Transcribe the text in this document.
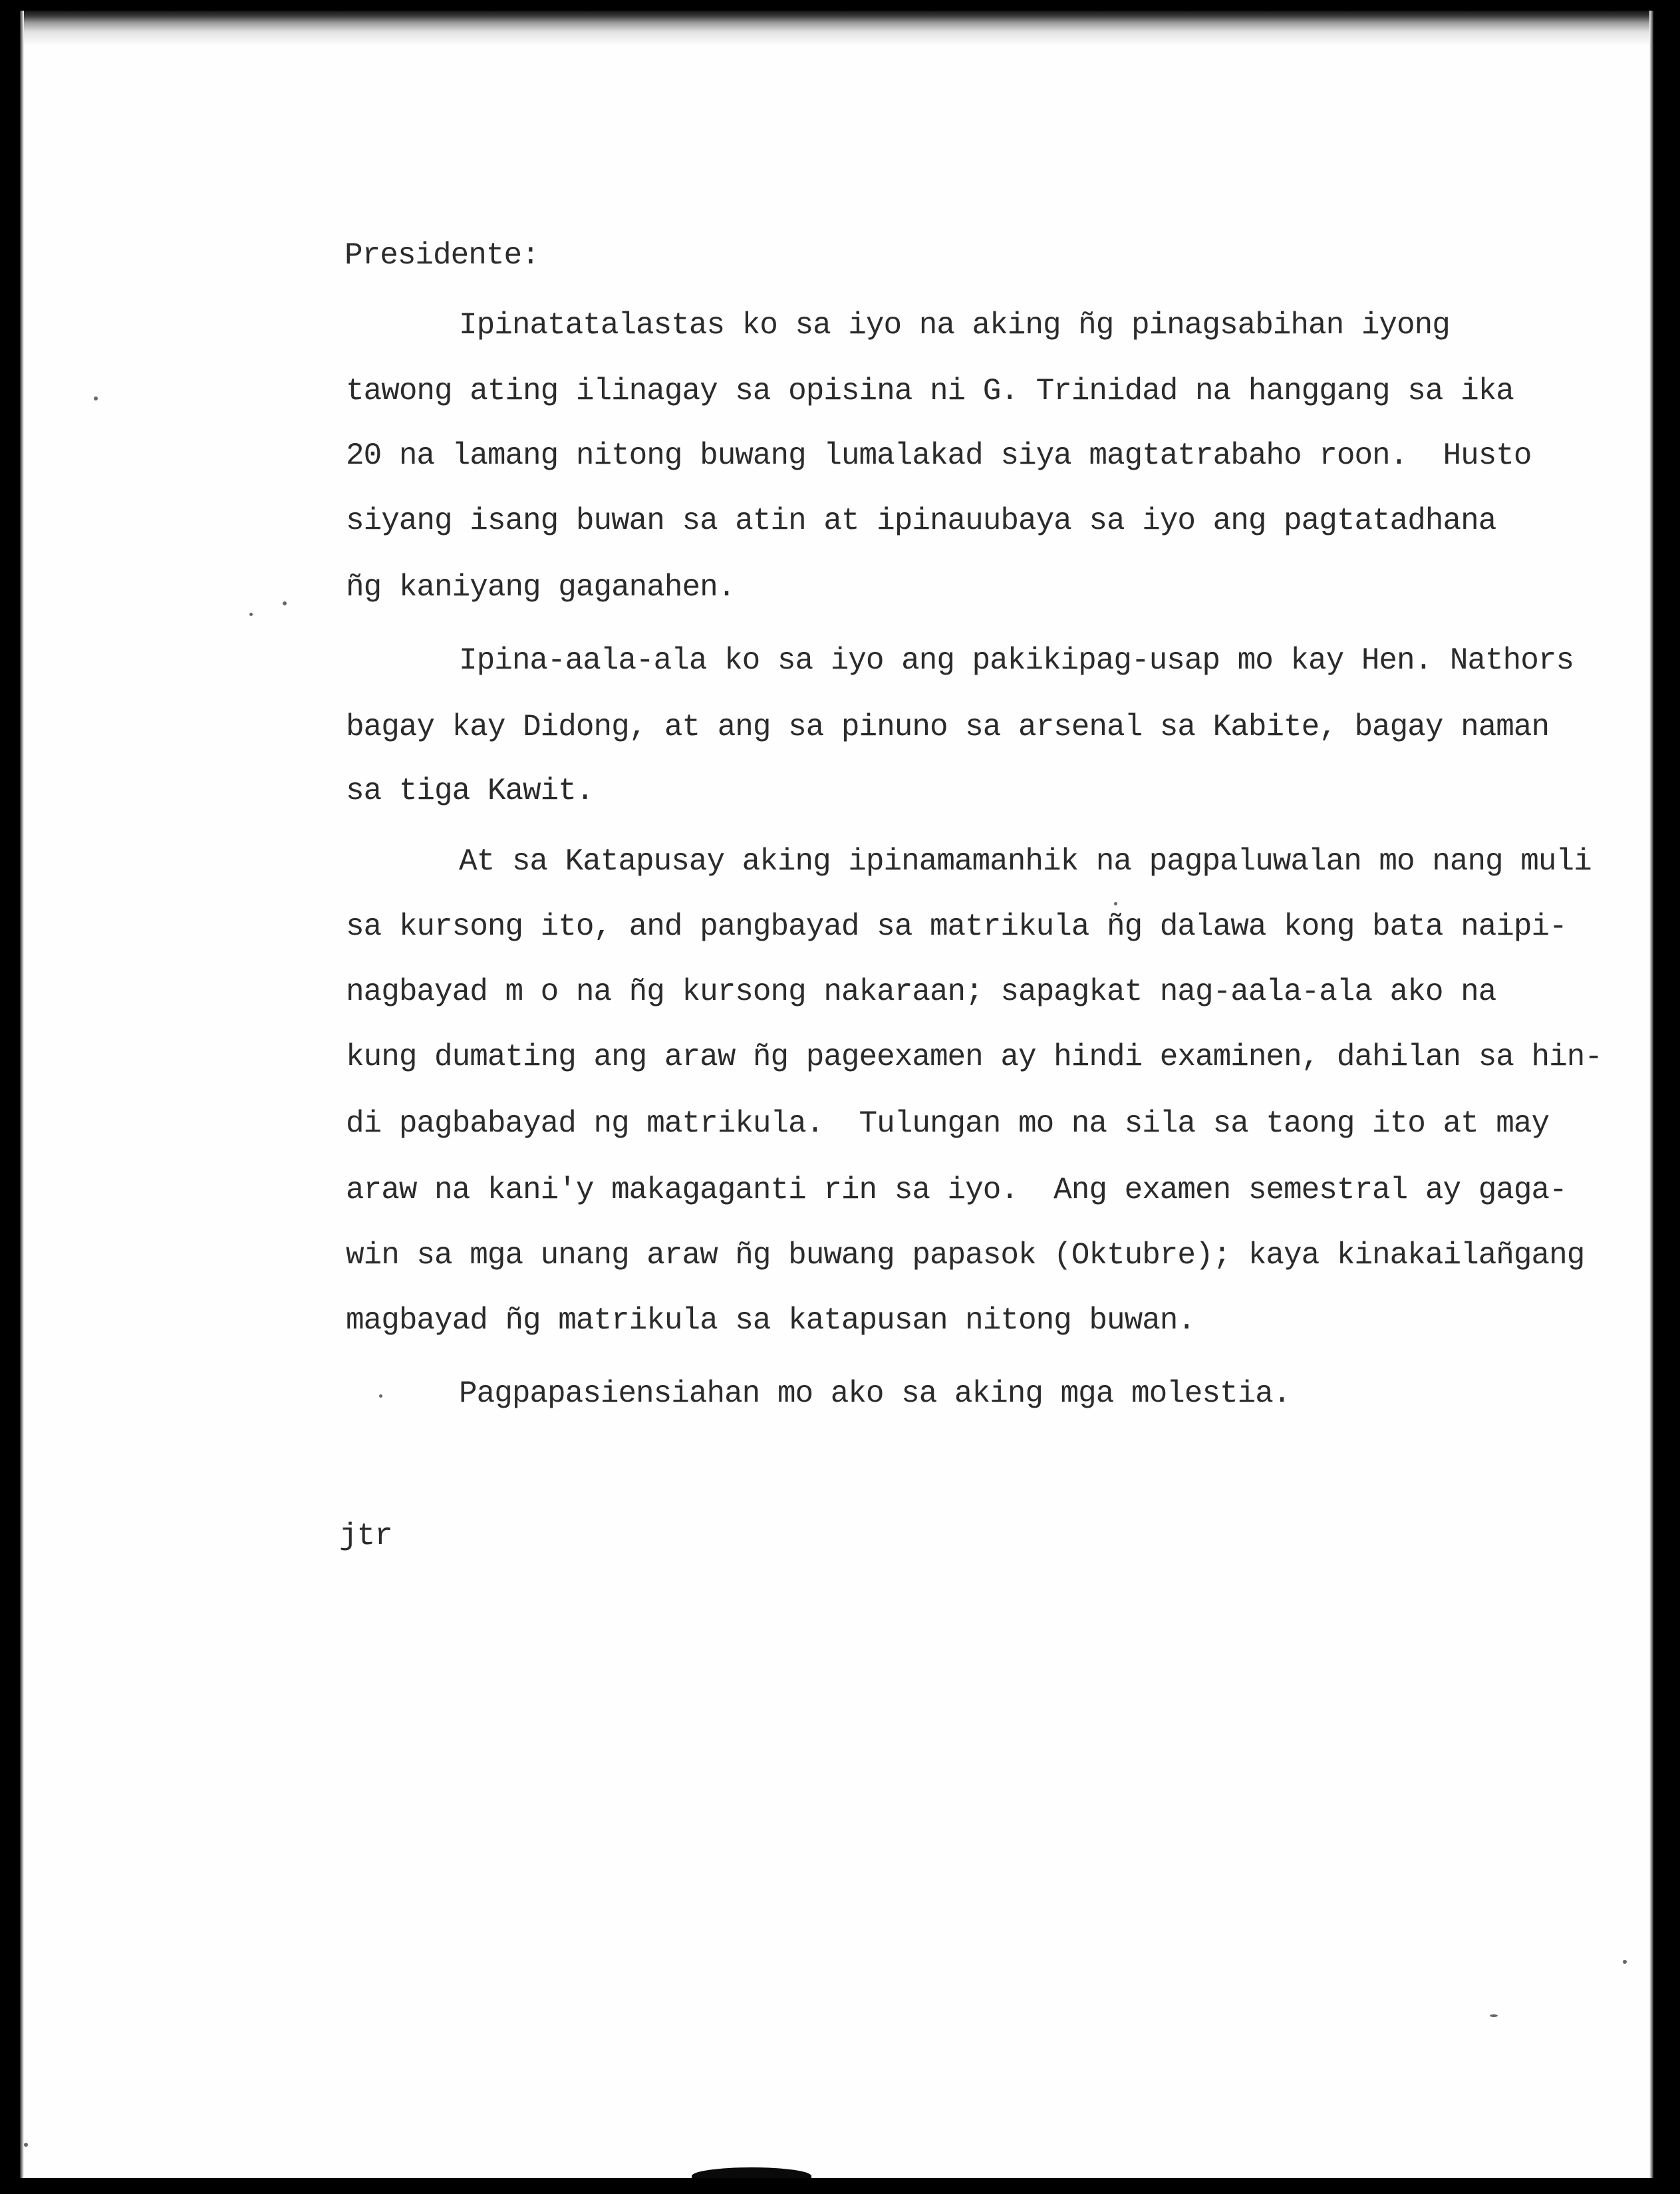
Presidente:
Ipinatatalastas ko sa iyo na aking ñg pinagsabihan iyong
tawong ating ilinagay sa opisina ni G. Trinidad na hanggang sa ika
20 na lamang nitong buwang lumalakad siya magtatrabaho roon.  Husto
siyang isang buwan sa atin at ipinauubaya sa iyo ang pagtatadhana
ñg kaniyang gaganahen.
Ipina-aala-ala ko sa iyo ang pakikipag-usap mo kay Hen. Nathors
bagay kay Didong, at ang sa pinuno sa arsenal sa Kabite, bagay naman
sa tiga Kawit.
At sa Katapusay aking ipinamamanhik na pagpaluwalan mo nang muli
sa kursong ito, and pangbayad sa matrikula ñg dalawa kong bata naipi-
nagbayad m o na ñg kursong nakaraan; sapagkat nag-aala-ala ako na
kung dumating ang araw ñg pageexamen ay hindi examinen, dahilan sa hin-
di pagbabayad ng matrikula.  Tulungan mo na sila sa taong ito at may
araw na kani'y makagaganti rin sa iyo.  Ang examen semestral ay gaga-
win sa mga unang araw ñg buwang papasok (Oktubre); kaya kinakailañgang
magbayad ñg matrikula sa katapusan nitong buwan.
Pagpapasiensiahan mo ako sa aking mga molestia.
jtr
